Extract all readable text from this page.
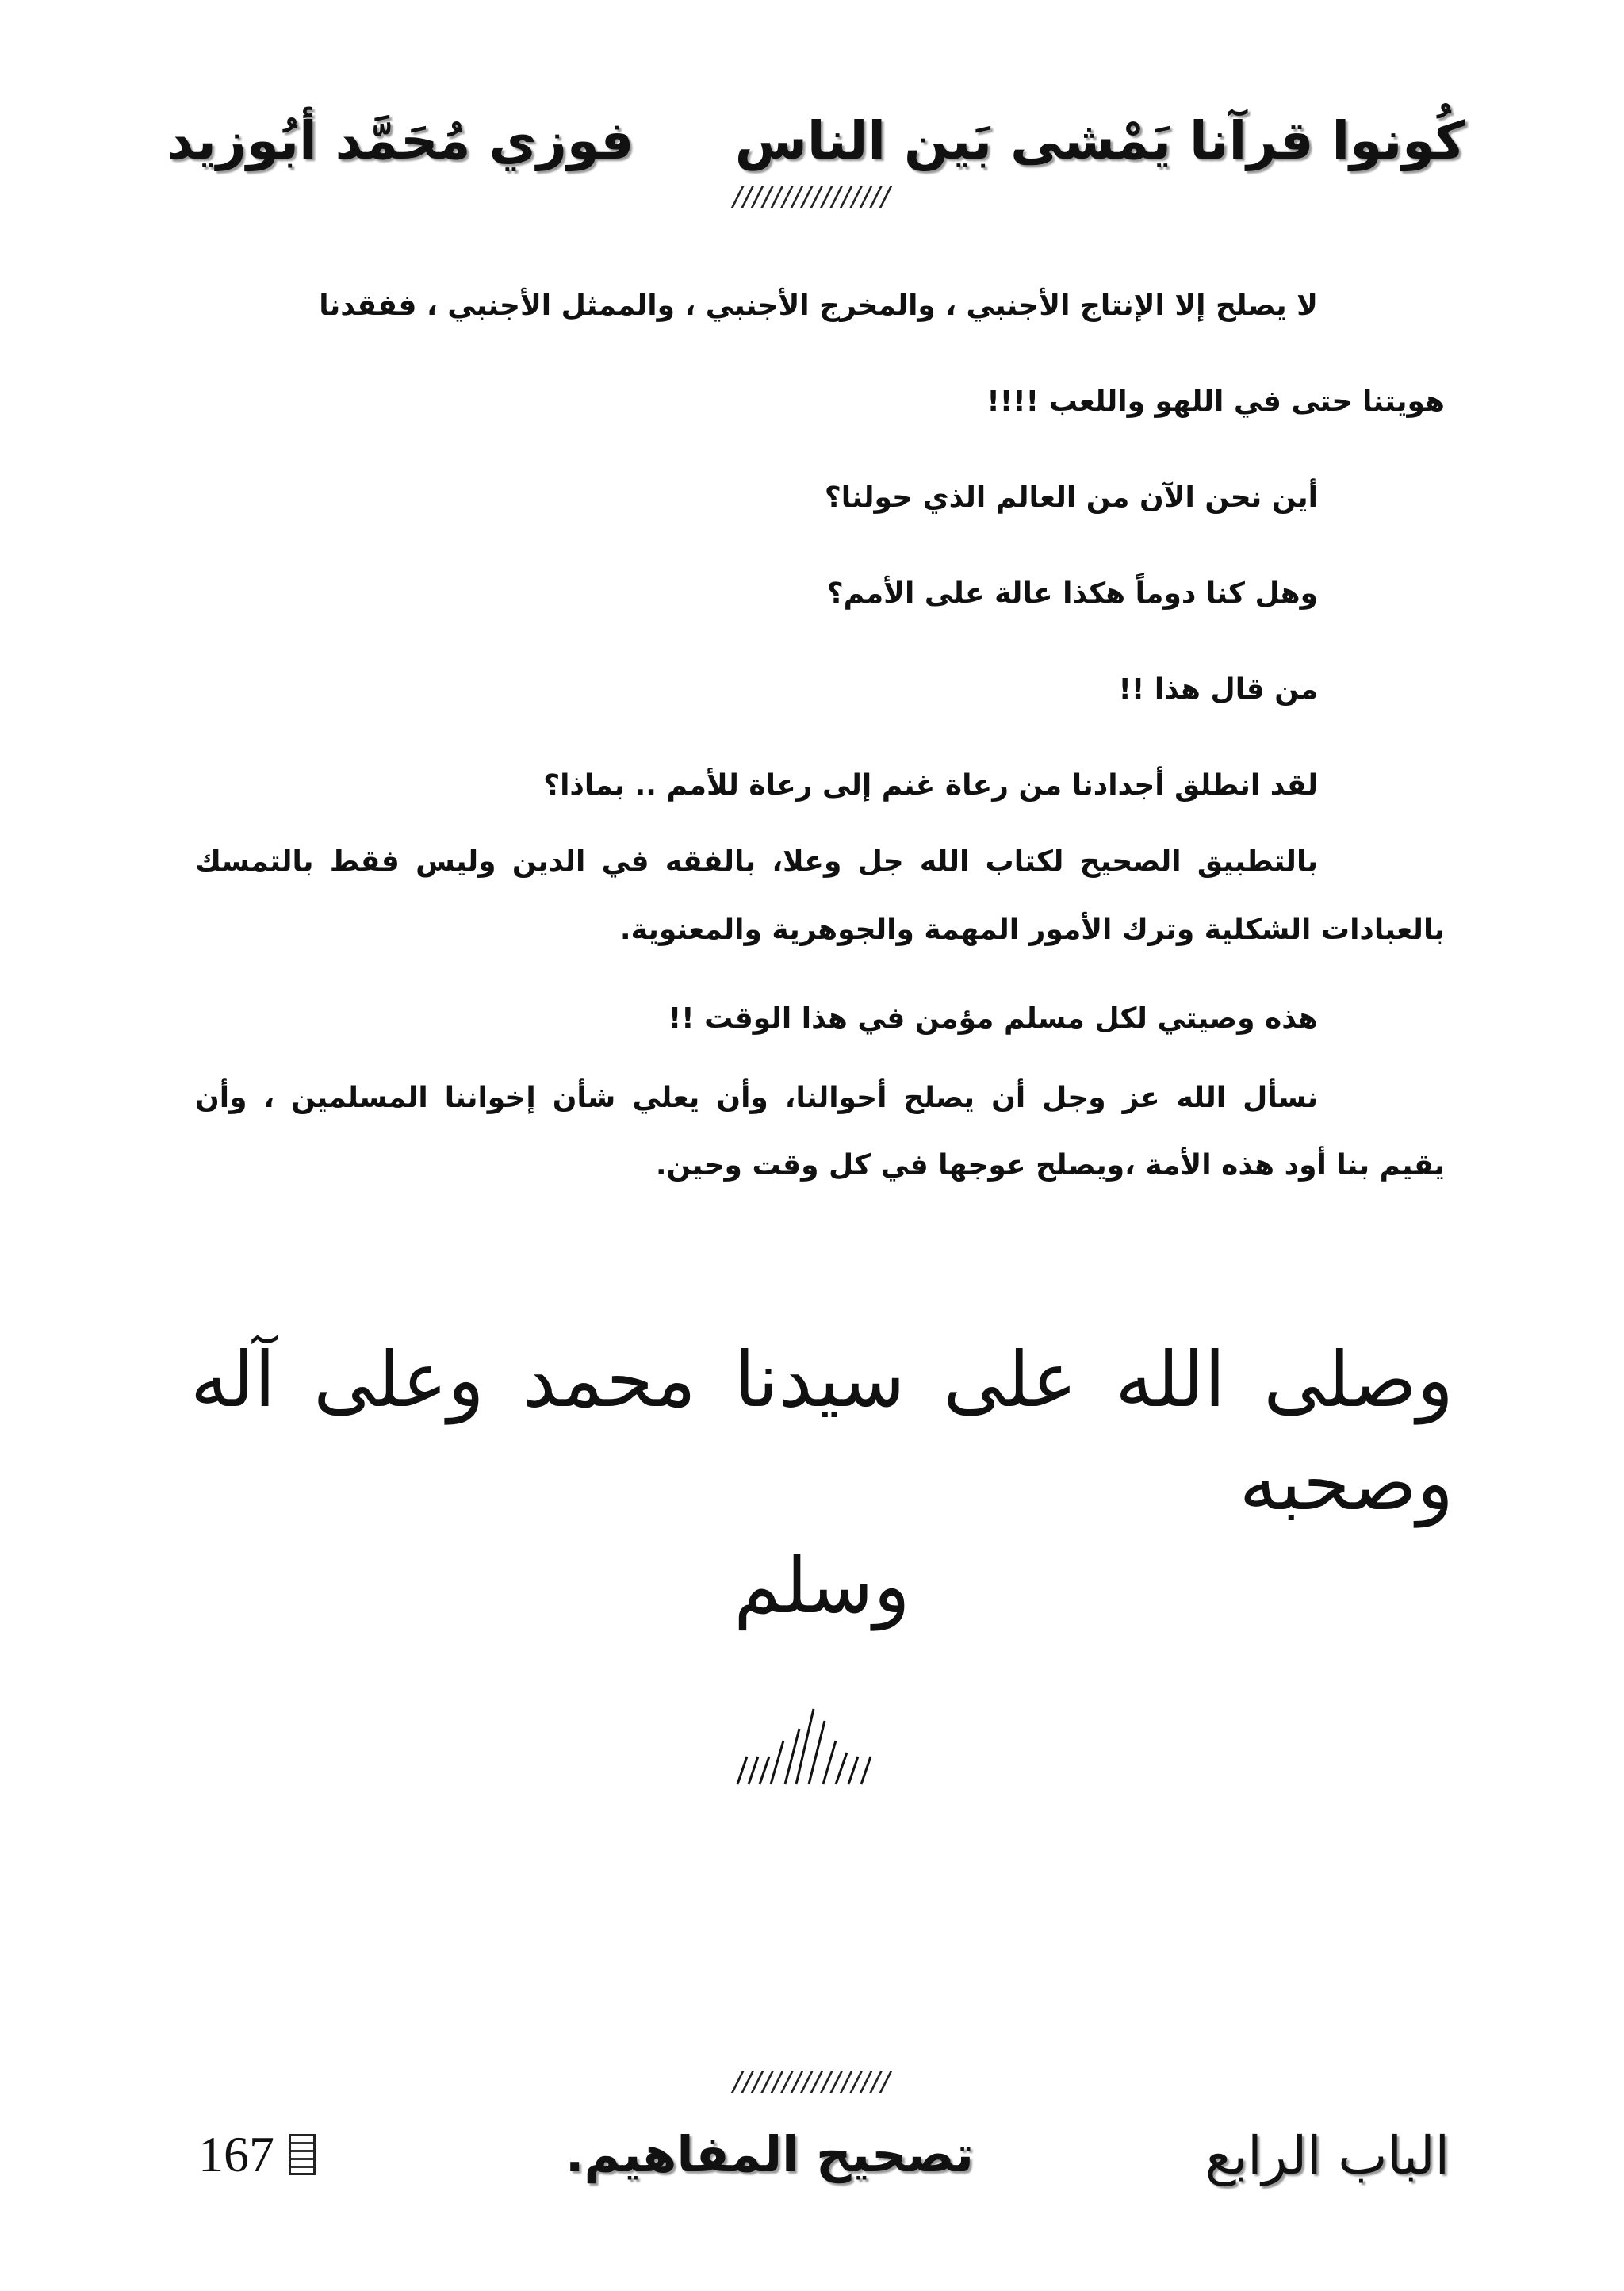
كُونوا قرآنا يَمْشى بَين الناس
فوزي مُحَمَّد أبُوزيد
////////////////
لا يصلح إلا الإنتاج الأجنبي ، والمخرج الأجنبي ، والممثل الأجنبي ، ففقدنا
هويتنا حتى في اللهو واللعب !!!!
أين نحن الآن من العالم الذي حولنا؟
وهل كنا دوماً هكذا عالة على الأمم؟
من قال هذا !!
لقد انطلق أجدادنا من رعاة غنم إلى رعاة للأمم .. بماذا؟
بالتطبيق الصحيح لكتاب الله جل وعلا، بالفقه في الدين وليس فقط بالتمسك
بالعبادات الشكلية وترك الأمور المهمة والجوهرية والمعنوية.
هذه وصيتي لكل مسلم مؤمن في هذا الوقت !!
نسأل الله عز وجل أن يصلح أحوالنا، وأن يعلي شأن إخواننا المسلمين ، وأن
يقيم بنا أود هذه الأمة ،ويصلح عوجها في كل وقت وحين.
وصلى الله على سيدنا محمد وعلى آله وصحبه
وسلم
////////////////
الباب الرابع
تصحيح المفاهيم.
167
